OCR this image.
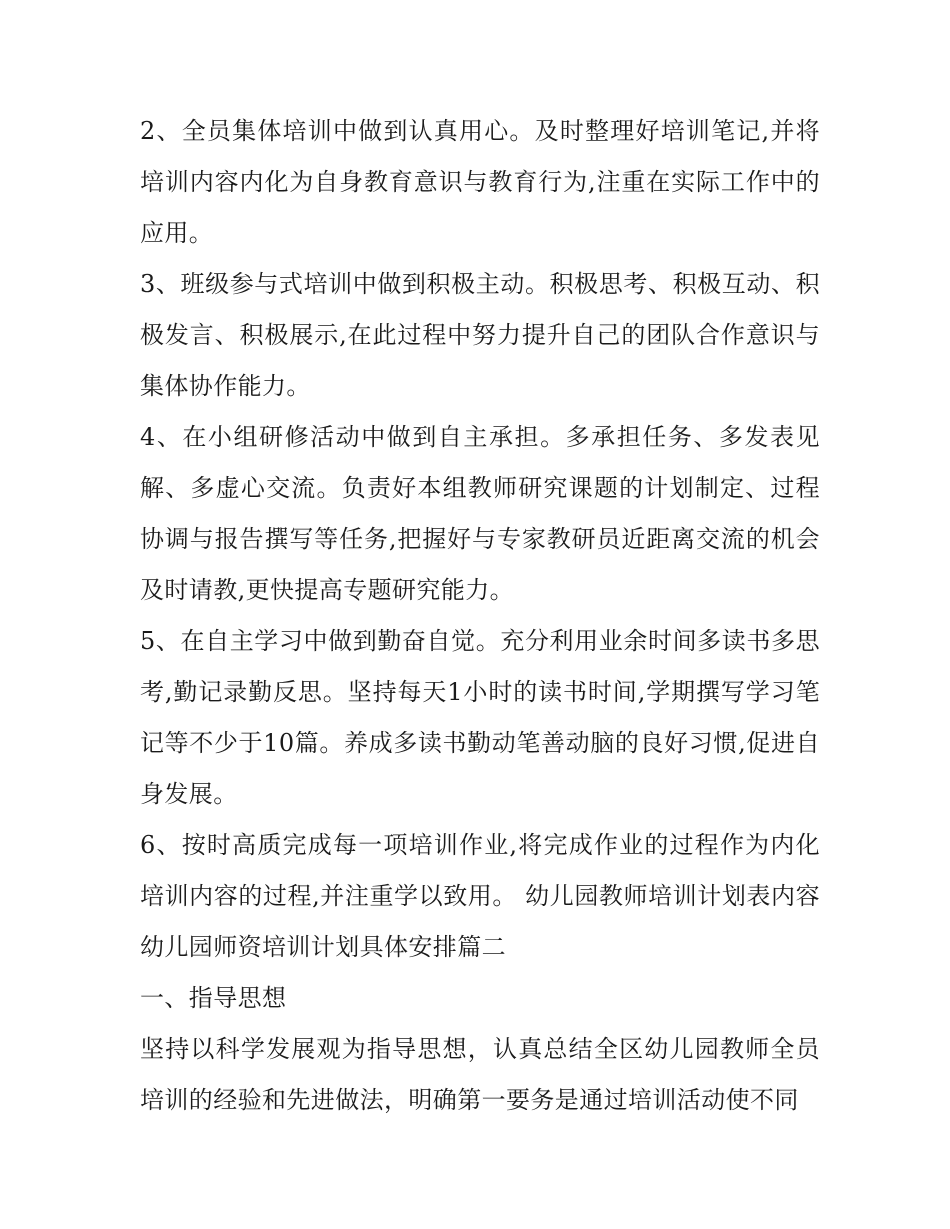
2、全员集体培训中做到认真用心。及时整理好培训笔记,并将培训内容内化为自身教育意识与教育行为,注重在实际工作中的应用。

3、班级参与式培训中做到积极主动。积极思考、积极互动、积极发言、积极展示,在此过程中努力提升自己的团队合作意识与集体协作能力。

4、在小组研修活动中做到自主承担。多承担任务、多发表见解、多虚心交流。负责好本组教师研究课题的计划制定、过程协调与报告撰写等任务,把握好与专家教研员近距离交流的机会及时请教,更快提高专题研究能力。

5、在自主学习中做到勤奋自觉。充分利用业余时间多读书多思考,勤记录勤反思。坚持每天1小时的读书时间,学期撰写学习笔记等不少于10篇。养成多读书勤动笔善动脑的良好习惯,促进自身发展。

6、按时高质完成每一项培训作业,将完成作业的过程作为内化培训内容的过程,并注重学以致用。 幼儿园教师培训计划表内容 幼儿园师资培训计划具体安排篇二

一、指导思想

坚持以科学发展观为指导思想，认真总结全区幼儿园教师全员培训的经验和先进做法，明确第一要务是通过培训活动使不同
